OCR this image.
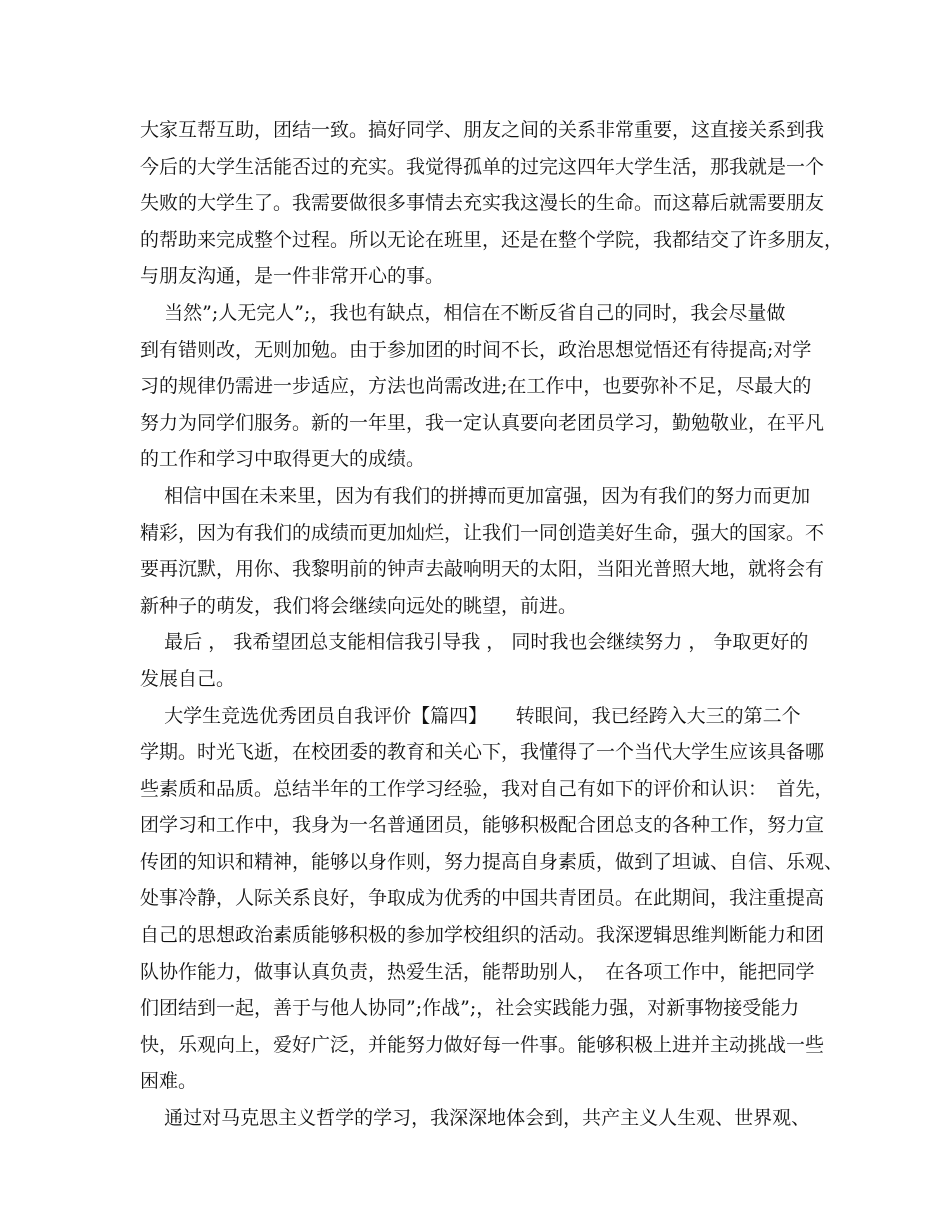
大家互帮互助，团结一致。搞好同学、朋友之间的关系非常重要，这直接关系到我
今后的大学生活能否过的充实。我觉得孤单的过完这四年大学生活，那我就是一个
失败的大学生了。我需要做很多事情去充实我这漫长的生命。而这幕后就需要朋友
的帮助来完成整个过程。所以无论在班里，还是在整个学院，我都结交了许多朋友，
与朋友沟通，是一件非常开心的事。
当然”;人无完人”;，我也有缺点，相信在不断反省自己的同时，我会尽量做
到有错则改，无则加勉。由于参加团的时间不长，政治思想觉悟还有待提高;对学
习的规律仍需进一步适应，方法也尚需改进;在工作中，也要弥补不足，尽最大的
努力为同学们服务。新的一年里，我一定认真要向老团员学习，勤勉敬业，在平凡
的工作和学习中取得更大的成绩。
相信中国在未来里，因为有我们的拼搏而更加富强，因为有我们的努力而更加
精彩，因为有我们的成绩而更加灿烂，让我们一同创造美好生命，强大的国家。不
要再沉默，用你、我黎明前的钟声去敲响明天的太阳，当阳光普照大地，就将会有
新种子的萌发，我们将会继续向远处的眺望，前进。
最后 ， 我希望团总支能相信我引导我 ， 同时我也会继续努力 ， 争取更好的
发展自己。
大学生竞选优秀团员自我评价【篇四】　　转眼间，我已经跨入大三的第二个
学期。时光飞逝，在校团委的教育和关心下，我懂得了一个当代大学生应该具备哪
些素质和品质。总结半年的工作学习经验，我对自己有如下的评价和认识：　首先，
团学习和工作中，我身为一名普通团员，能够积极配合团总支的各种工作，努力宣
传团的知识和精神，能够以身作则，努力提高自身素质，做到了坦诚、自信、乐观、
处事冷静，人际关系良好，争取成为优秀的中国共青团员。在此期间，我注重提高
自己的思想政治素质能够积极的参加学校组织的活动。我深逻辑思维判断能力和团
队协作能力，做事认真负责，热爱生活，能帮助别人，　在各项工作中，能把同学
们团结到一起，善于与他人协同”;作战”;，社会实践能力强，对新事物接受能力
快，乐观向上，爱好广泛，并能努力做好每一件事。能够积极上进并主动挑战一些
困难。
通过对马克思主义哲学的学习，我深深地体会到，共产主义人生观、世界观、
